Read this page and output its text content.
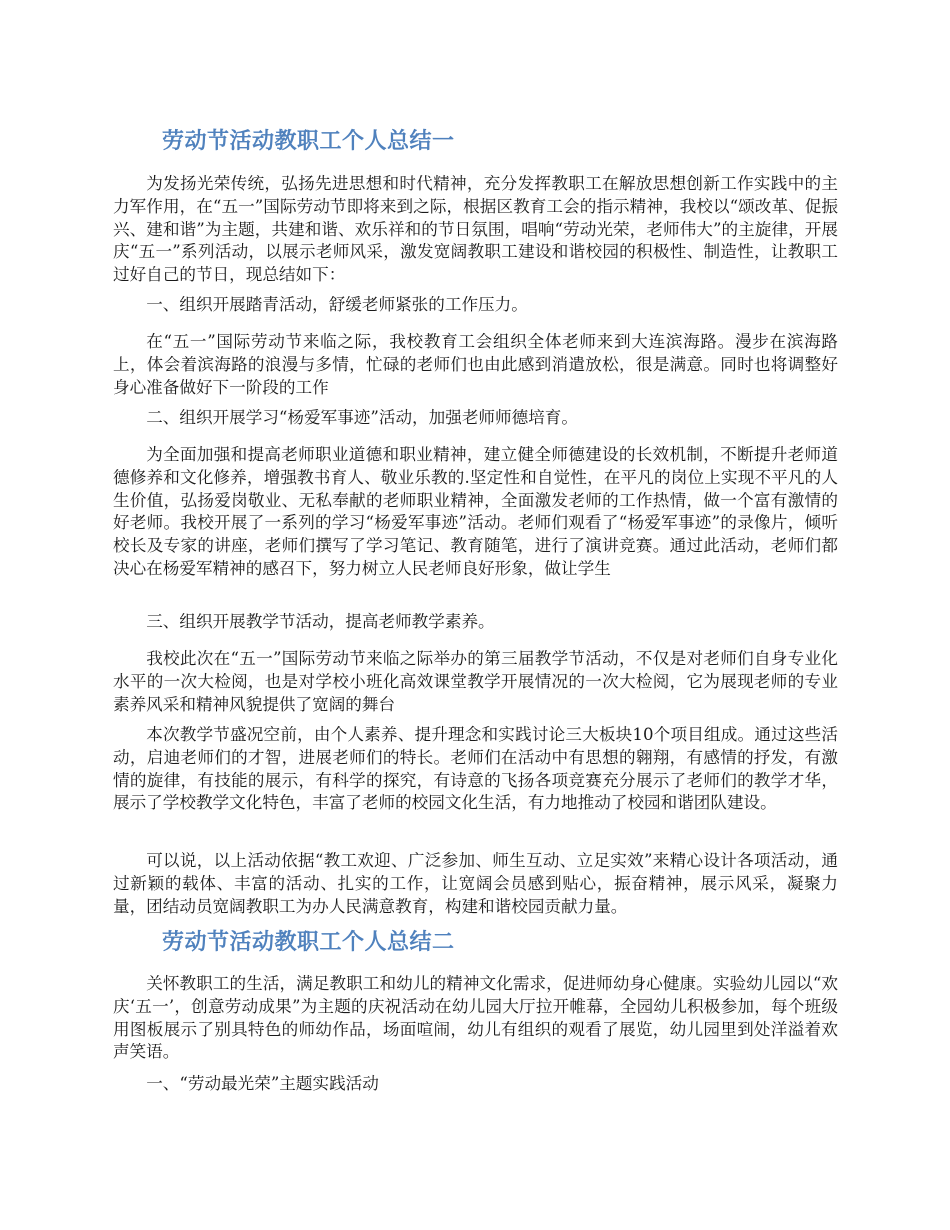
劳动节活动教职工个人总结一

为发扬光荣传统，弘扬先进思想和时代精神，充分发挥教职工在解放思想创新工作实践中的主力军作用，在“五一”国际劳动节即将来到之际，根据区教育工会的指示精神，我校以“颂改革、促振兴、建和谐”为主题，共建和谐、欢乐祥和的节日氛围，唱响“劳动光荣，老师伟大”的主旋律，开展庆“五一”系列活动，以展示老师风采，激发宽阔教职工建设和谐校园的积极性、制造性，让教职工过好自己的节日，现总结如下：

一、组织开展踏青活动，舒缓老师紧张的工作压力。

在“五一”国际劳动节来临之际，我校教育工会组织全体老师来到大连滨海路。漫步在滨海路上，体会着滨海路的浪漫与多情，忙碌的老师们也由此感到消遣放松，很是满意。同时也将调整好身心准备做好下一阶段的工作

二、组织开展学习“杨爱军事迹”活动，加强老师师德培育。

为全面加强和提高老师职业道德和职业精神，建立健全师德建设的长效机制，不断提升老师道德修养和文化修养，增强教书育人、敬业乐教的.坚定性和自觉性，在平凡的岗位上实现不平凡的人生价值，弘扬爱岗敬业、无私奉献的老师职业精神，全面激发老师的工作热情，做一个富有激情的好老师。我校开展了一系列的学习“杨爱军事迹”活动。老师们观看了“杨爱军事迹”的录像片，倾听校长及专家的讲座，老师们撰写了学习笔记、教育随笔，进行了演讲竞赛。通过此活动，老师们都决心在杨爱军精神的感召下，努力树立人民老师良好形象，做让学生

三、组织开展教学节活动，提高老师教学素养。

我校此次在“五一”国际劳动节来临之际举办的第三届教学节活动，不仅是对老师们自身专业化水平的一次大检阅，也是对学校小班化高效课堂教学开展情况的一次大检阅，它为展现老师的专业素养风采和精神风貌提供了宽阔的舞台

本次教学节盛况空前，由个人素养、提升理念和实践讨论三大板块10个项目组成。通过这些活动，启迪老师们的才智，进展老师们的特长。老师们在活动中有思想的翱翔，有感情的抒发，有激情的旋律，有技能的展示，有科学的探究，有诗意的飞扬各项竞赛充分展示了老师们的教学才华，展示了学校教学文化特色，丰富了老师的校园文化生活，有力地推动了校园和谐团队建设。

可以说，以上活动依据“教工欢迎、广泛参加、师生互动、立足实效”来精心设计各项活动，通过新颖的载体、丰富的活动、扎实的工作，让宽阔会员感到贴心，振奋精神，展示风采，凝聚力量，团结动员宽阔教职工为办人民满意教育，构建和谐校园贡献力量。

劳动节活动教职工个人总结二

关怀教职工的生活，满足教职工和幼儿的精神文化需求，促进师幼身心健康。实验幼儿园以“欢庆‘五一’，创意劳动成果”为主题的庆祝活动在幼儿园大厅拉开帷幕，全园幼儿积极参加，每个班级用图板展示了别具特色的师幼作品，场面喧闹，幼儿有组织的观看了展览，幼儿园里到处洋溢着欢声笑语。

一、“劳动最光荣”主题实践活动
